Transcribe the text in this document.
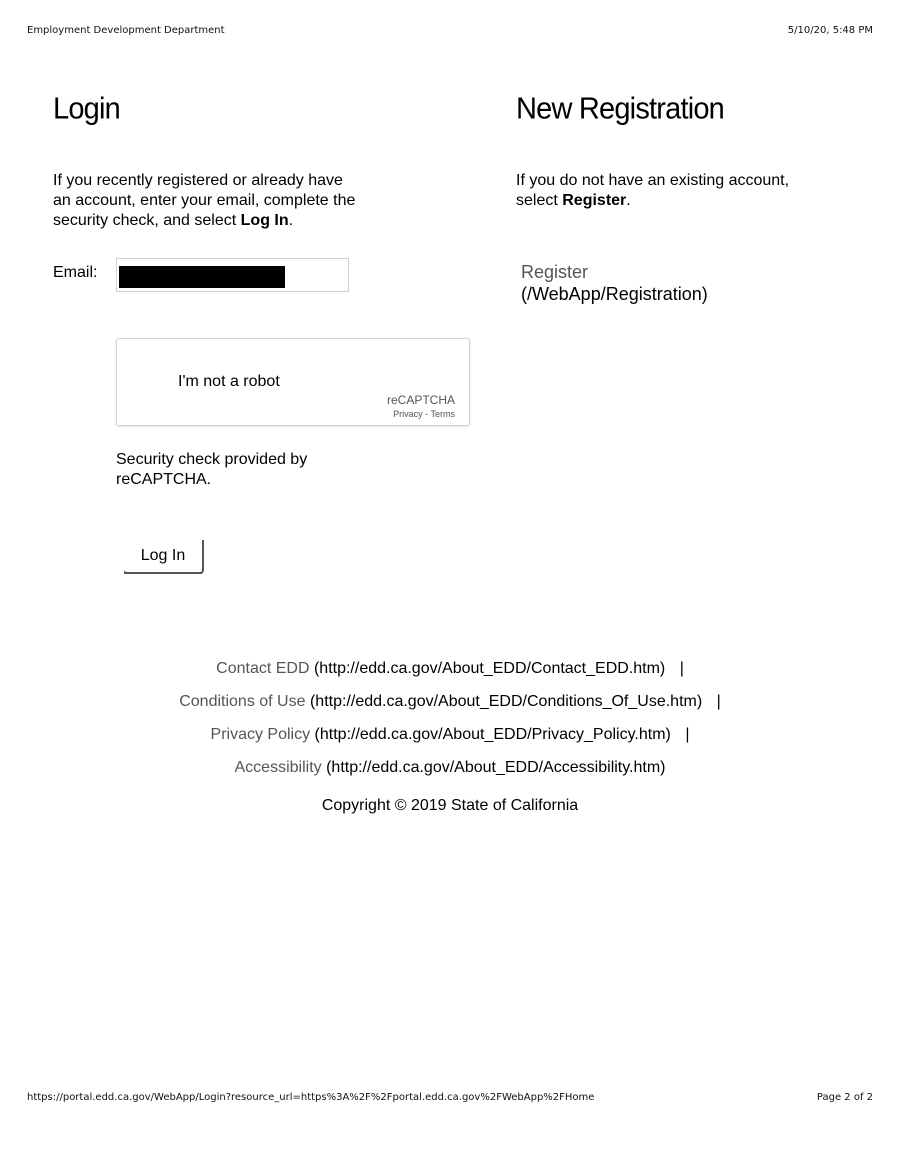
Employment Development Department	5/10/20, 5:48 PM
Login
If you recently registered or already have an account, enter your email, complete the security check, and select Log In.
Email:
I'm not a robot
reCAPTCHA
Privacy - Terms
Security check provided by reCAPTCHA.
Log In
New Registration
If you do not have an existing account, select Register.
Register
(/WebApp/Registration)
Contact EDD (http://edd.ca.gov/About_EDD/Contact_EDD.htm) |
Conditions of Use (http://edd.ca.gov/About_EDD/Conditions_Of_Use.htm) |
Privacy Policy (http://edd.ca.gov/About_EDD/Privacy_Policy.htm) |
Accessibility (http://edd.ca.gov/About_EDD/Accessibility.htm)
Copyright © 2019 State of California
https://portal.edd.ca.gov/WebApp/Login?resource_url=https%3A%2F%2Fportal.edd.ca.gov%2FWebApp%2FHome	Page 2 of 2
